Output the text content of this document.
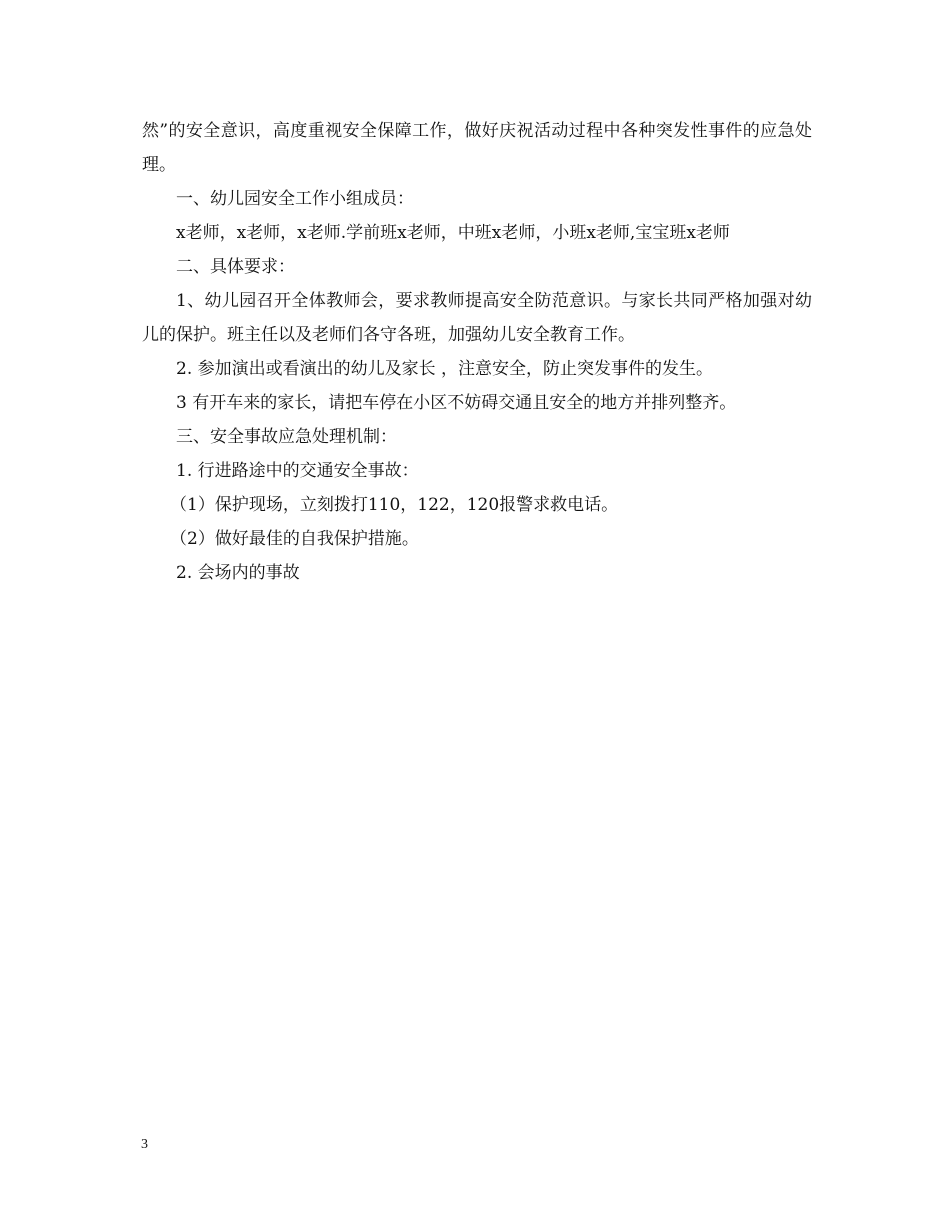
然”的安全意识，高度重视安全保障工作，做好庆祝活动过程中各种突发性事件的应急处理。

一、幼儿园安全工作小组成员：

x老师，x老师，x老师.学前班x老师，中班x老师，小班x老师,宝宝班x老师

二、具体要求：

1、幼儿园召开全体教师会，要求教师提高安全防范意识。与家长共同严格加强对幼儿的保护。班主任以及老师们各守各班，加强幼儿安全教育工作。

2. 参加演出或看演出的幼儿及家长 ，注意安全，防止突发事件的发生。

3 有开车来的家长，请把车停在小区不妨碍交通且安全的地方并排列整齐。

三、安全事故应急处理机制：

1. 行进路途中的交通安全事故：

（1）保护现场，立刻拨打110，122，120报警求救电话。

（2）做好最佳的自我保护措施。

2. 会场内的事故

3
